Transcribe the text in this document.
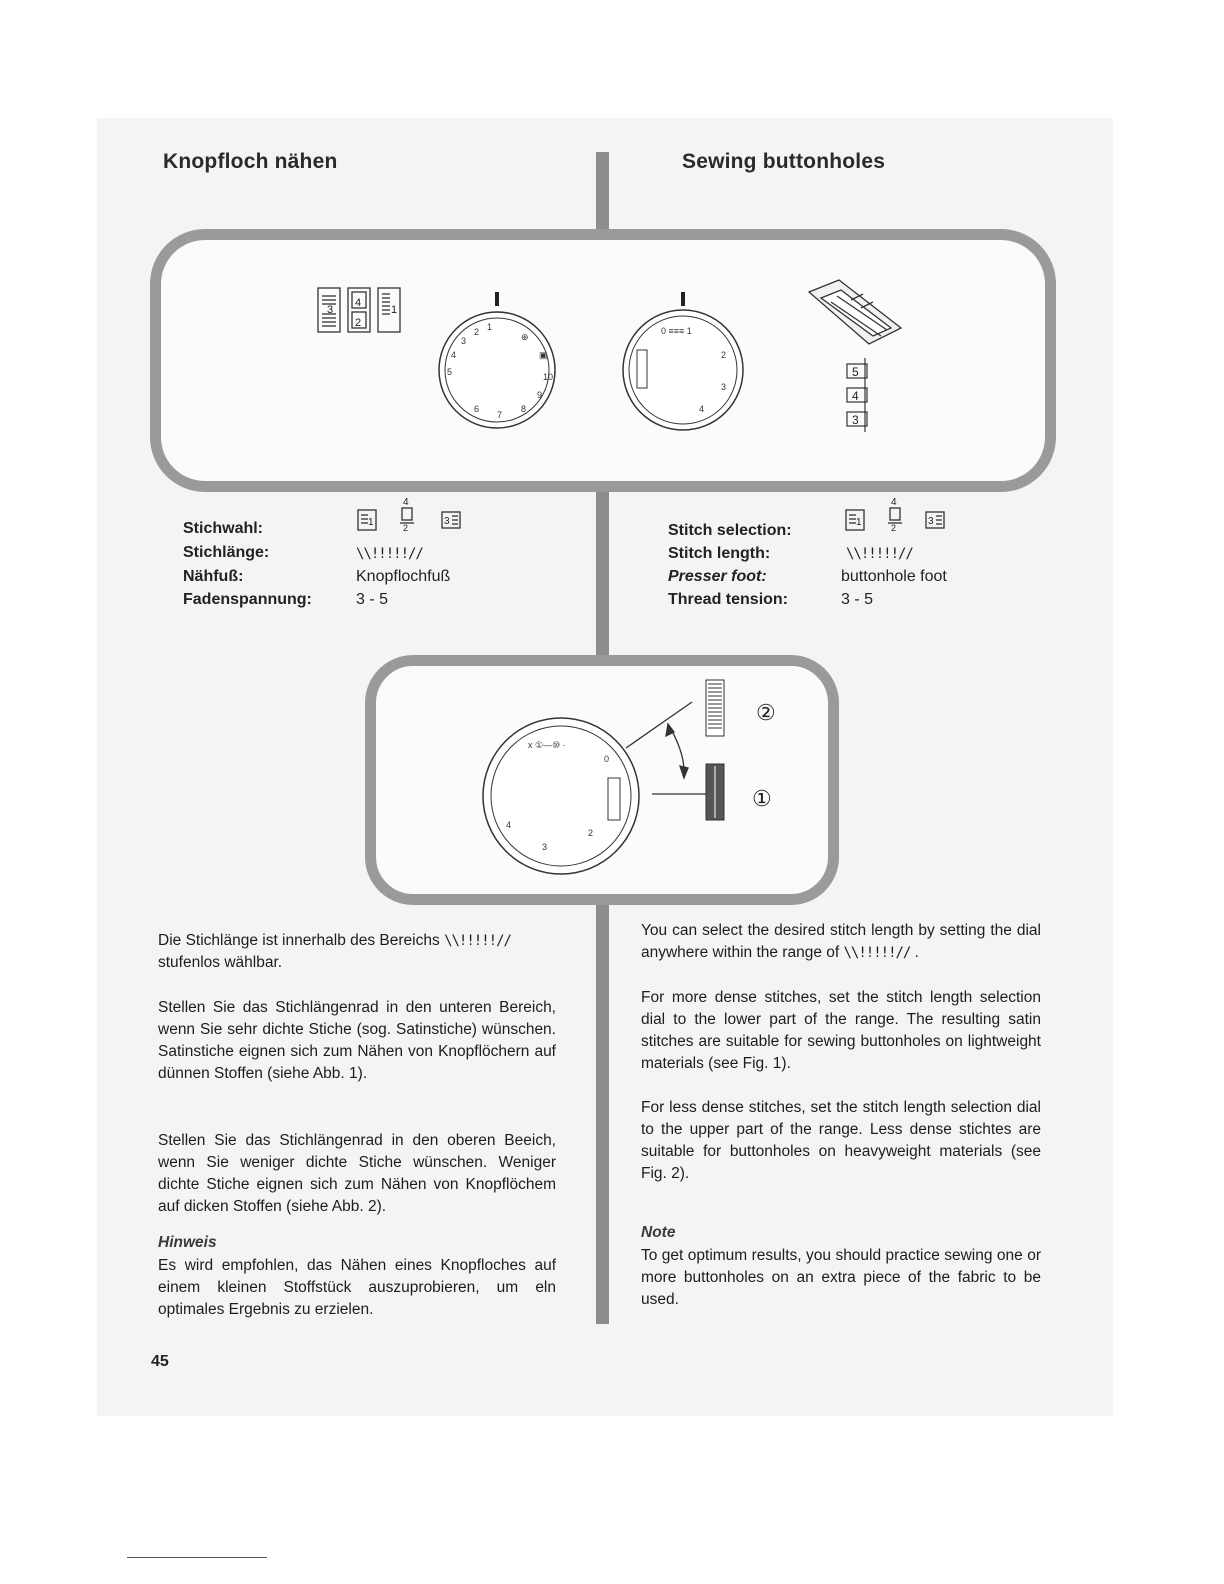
Knopfloch nähen	Sewing buttonholes
3
4
2
1
5
4
3
2 1
⊕
▣
10
9
8
7
6
0 ≡≡≡ 1
2
3
4
5
4
3
Stichwahl:
Stichlänge:
Nähfuß:
Fadenspannung:
1
4
2
3
\\!!!!!//
Knopflochfuß
3 - 5
Stitch selection:
Stitch length:
Presser foot:
Thread tension:
1
4
2
3
\\!!!!!//
buttonhole foot
3 - 5
x ①—⑩ ·
0
4
3
2
②
①

Die Stichlänge ist innerhalb des Bereichs \\!!!!!//
stufenlos wählbar.

Stellen Sie das Stichlängenrad in den unteren Bereich, wenn Sie sehr dichte Stiche (sog. Satinstiche) wünschen. Satinstiche eignen sich zum Nähen von Knopflöchern auf dünnen Stoffen (siehe Abb. 1).

Stellen Sie das Stichlängenrad in den oberen Beeich, wenn Sie weniger dichte Stiche wünschen. Weniger dichte Stiche eignen sich zum Nähen von Knopflöchem auf dicken Stoffen (siehe Abb. 2).

Hinweis

Es wird empfohlen, das Nähen eines Knopfloches auf einem kleinen Stoffstück auszuprobieren, um eln optimales Ergebnis zu erzielen.

You can select the desired stitch length by setting the dial anywhere within the range of \\!!!!!// .

For more dense stitches, set the stitch length selection dial to the lower part of the range. The resulting satin stitches are suitable for sewing buttonholes on lightweight materials (see Fig. 1).

For less dense stitches, set the stitch length selection dial to the upper part of the range. Less dense stichtes are suitable for buttonholes on heavyweight materials (see Fig. 2).

Note

To get optimum results, you should practice sewing one or more buttonholes on an extra piece of the fabric to be used.

45
